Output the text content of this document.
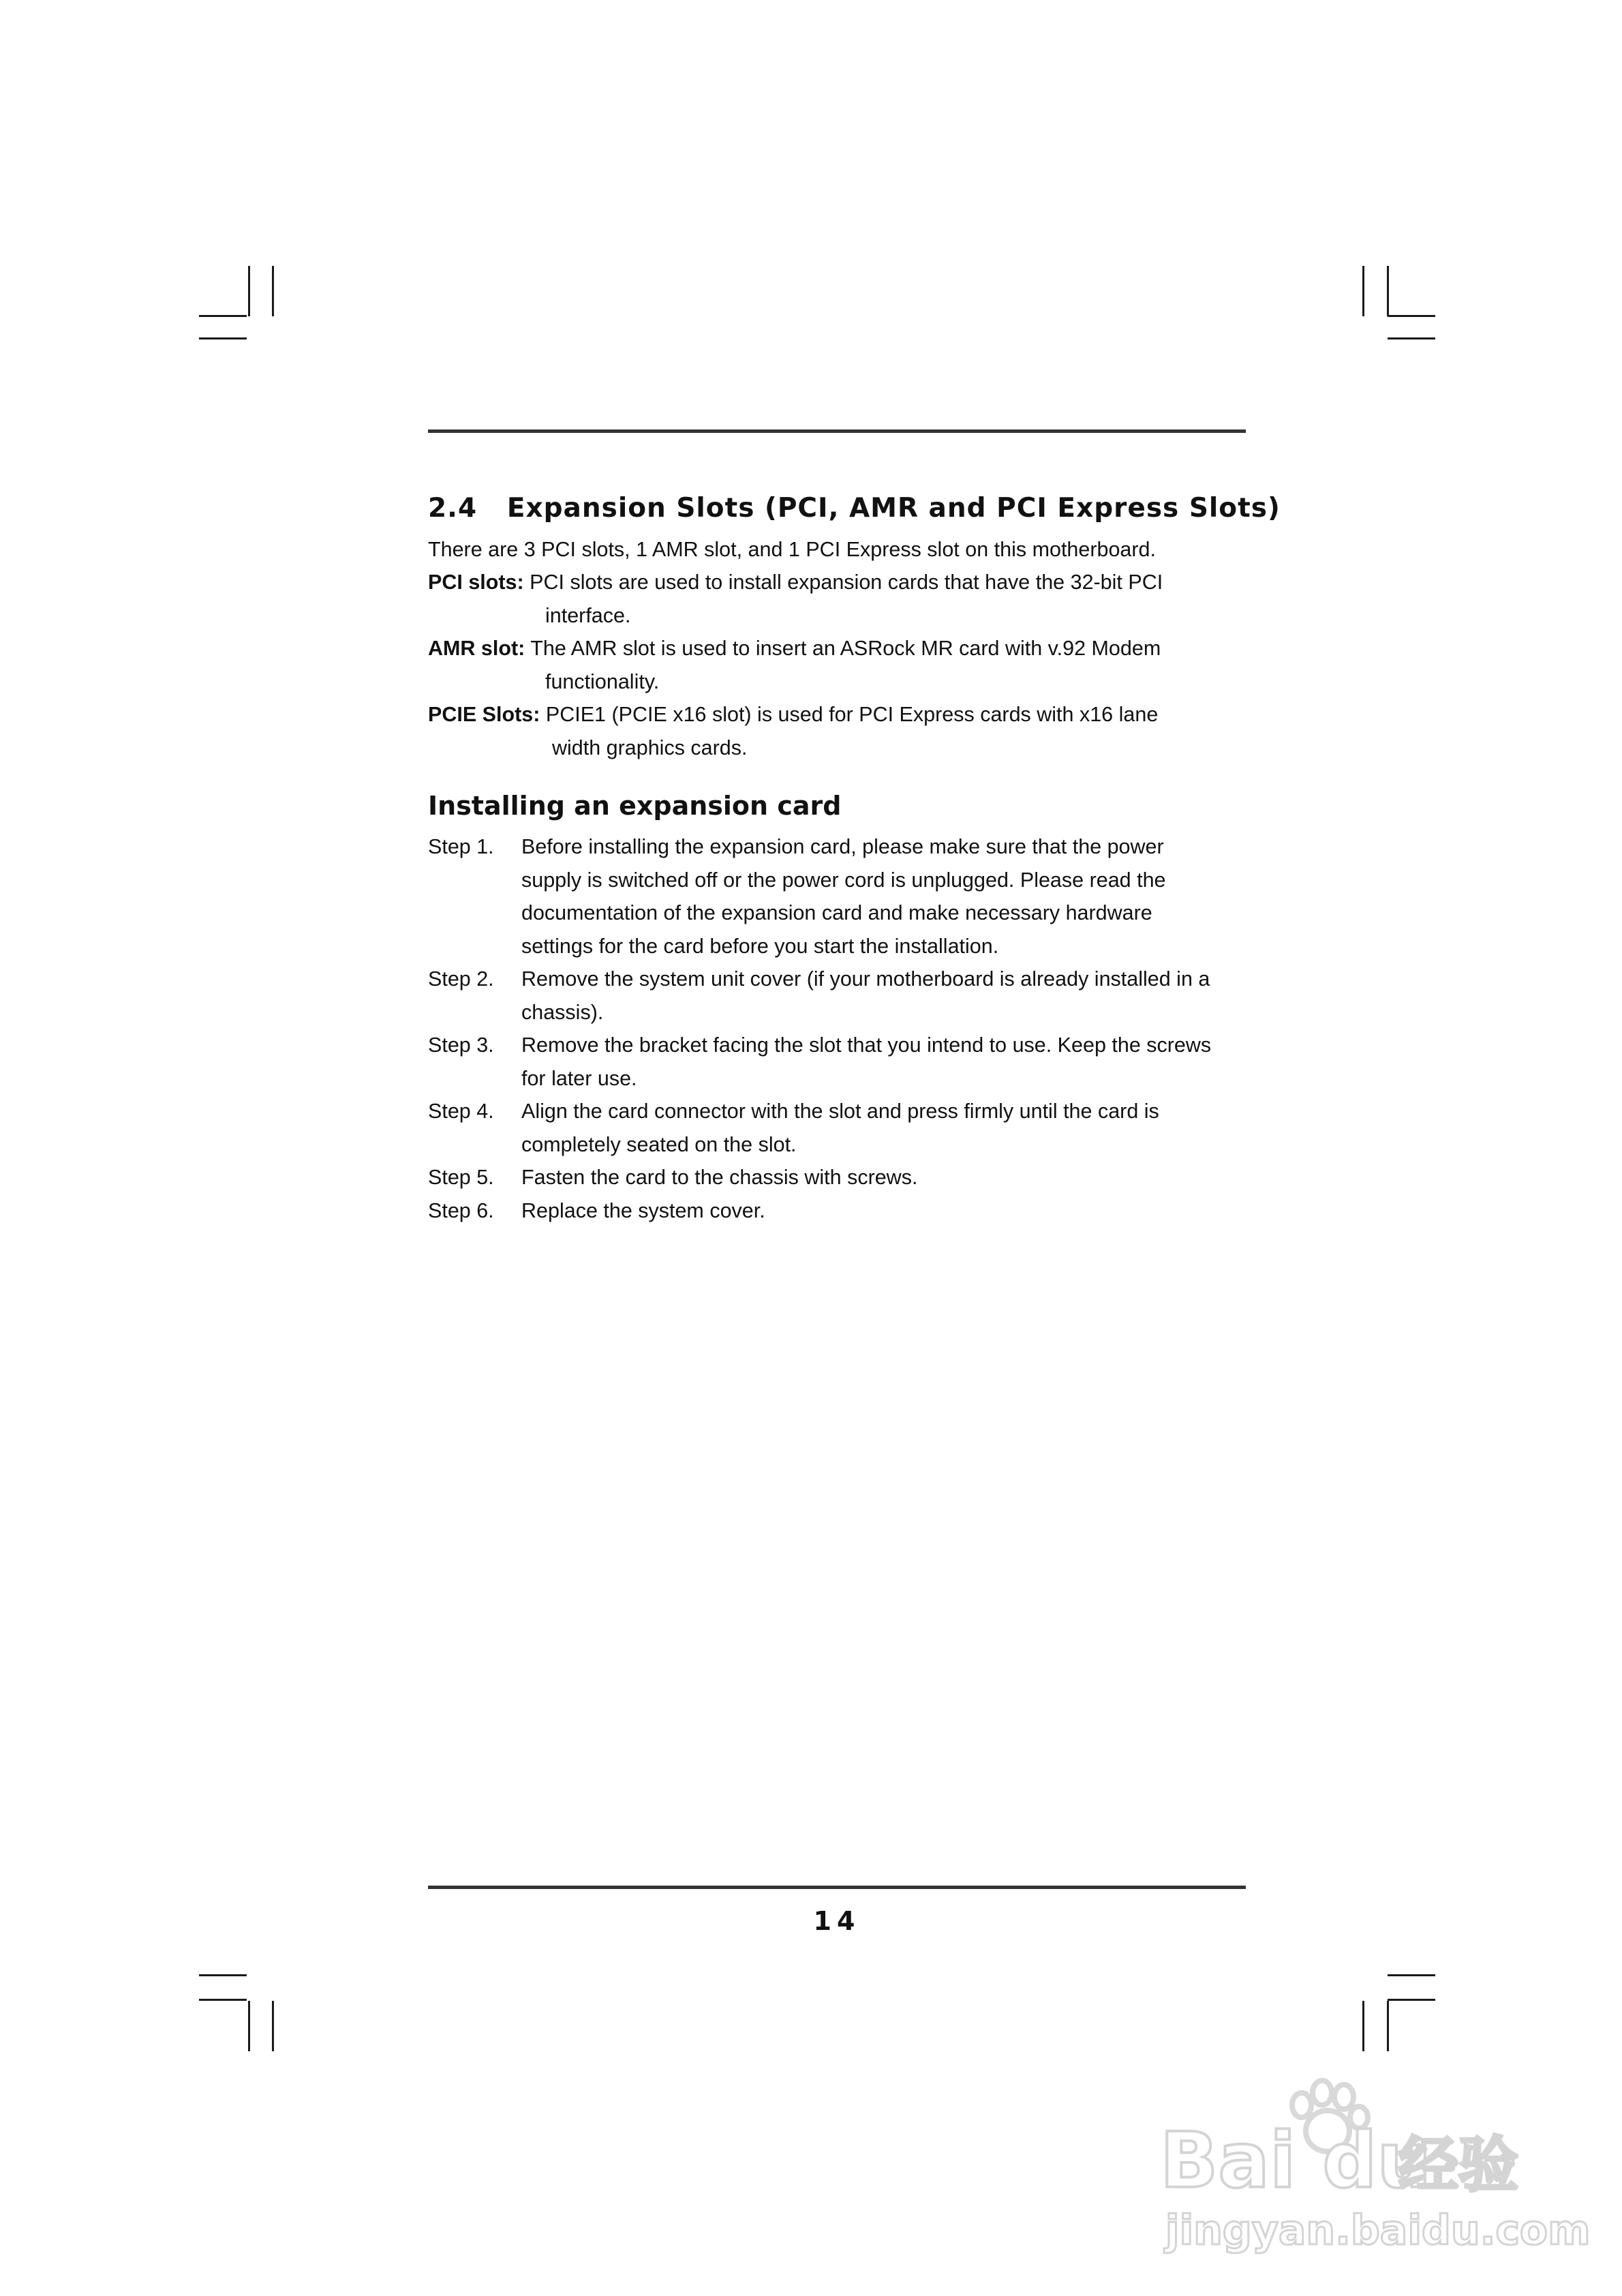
2.4 Expansion Slots (PCI, AMR and PCI Express Slots)
There are 3 PCI slots, 1 AMR slot, and 1 PCI Express slot on this motherboard.
PCI slots: PCI slots are used to install expansion cards that have the 32-bit PCI
interface.
AMR slot: The AMR slot is used to insert an ASRock MR card with v.92 Modem
functionality.
PCIE Slots: PCIE1 (PCIE x16 slot) is used for PCI Express cards with x16 lane
width graphics cards.
Installing an expansion card
Step 1. Before installing the expansion card, please make sure that the power
supply is switched off or the power cord is unplugged. Please read the
documentation of the expansion card and make necessary hardware
settings for the card before you start the installation.
Step 2. Remove the system unit cover (if your motherboard is already installed in a
chassis).
Step 3. Remove the bracket facing the slot that you intend to use. Keep the screws
for later use.
Step 4. Align the card connector with the slot and press firmly until the card is
completely seated on the slot.
Step 5. Fasten the card to the chassis with screws.
Step 6. Replace the system cover.
14
Bai du
经验
jingyan.baidu.com
